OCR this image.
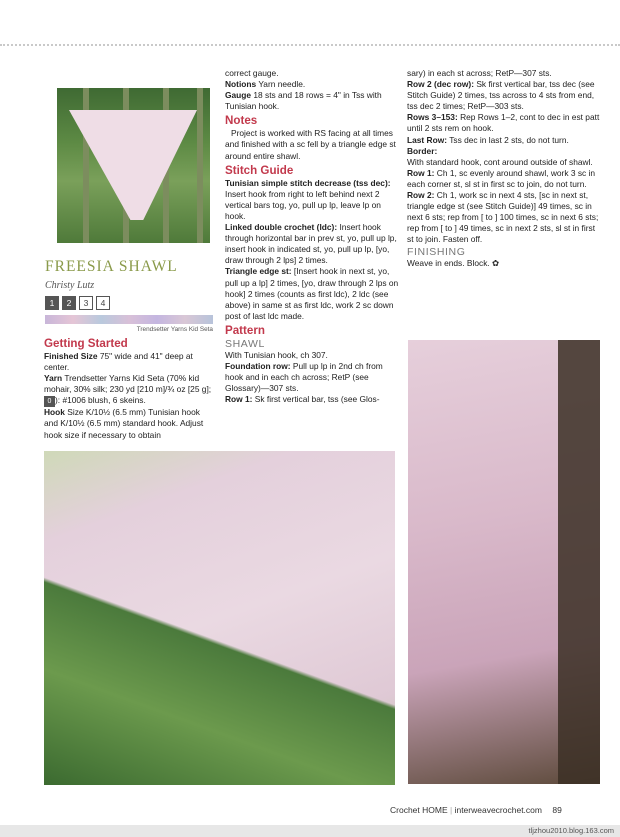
FREESIA SHAWL
Christy Lutz
1	2	3	4
Trendsetter Yarns Kid Seta
Getting Started

Finished Size 75" wide and 41" deep at center.

Yarn Trendsetter Yarns Kid Seta (70% kid mohair, 30% silk; 230 yd [210 m]/¾ oz [25 g]; 0 ): #1006 blush, 6 skeins.

Hook Size K/10½ (6.5 mm) Tunisian hook and K/10½ (6.5 mm) standard hook. Adjust hook size if necessary to obtain

correct gauge.

Notions Yarn needle.

Gauge 18 sts and 18 rows = 4" in Tss with Tunisian hook.

Notes

Project is worked with RS facing at all times and finished with a sc fell by a triangle edge st around entire shawl.

Stitch Guide

Tunisian simple stitch decrease (tss dec): Insert hook from right to left behind next 2 vertical bars tog, yo, pull up lp, leave lp on hook.

Linked double crochet (ldc): Insert hook through horizontal bar in prev st, yo, pull up lp, insert hook in indicated st, yo, pull up lp, [yo, draw through 2 lps] 2 times.

Triangle edge st: [Insert hook in next st, yo, pull up a lp] 2 times, [yo, draw through 2 lps on hook] 2 times (counts as first ldc), 2 ldc (see above) in same st as first ldc, work 2 sc down post of last ldc made.

Pattern
SHAWL

With Tunisian hook, ch 307.

Foundation row: Pull up lp in 2nd ch from hook and in each ch across; RetP (see Glossary)—307 sts.

Row 1: Sk first vertical bar, tss (see Glos-

sary) in each st across; RetP—307 sts.

Row 2 (dec row): Sk first vertical bar, tss dec (see Stitch Guide) 2 times, tss across to 4 sts from end, tss dec 2 times; RetP—303 sts.

Rows 3–153: Rep Rows 1–2, cont to dec in est patt until 2 sts rem on hook.

Last Row: Tss dec in last 2 sts, do not turn.

Border:

With standard hook, cont around outside of shawl.

Row 1: Ch 1, sc evenly around shawl, work 3 sc in each corner st, sl st in first sc to join, do not turn.

Row 2: Ch 1, work sc in next 4 sts, [sc in next st, triangle edge st (see Stitch Guide)] 49 times, sc in next 6 sts; rep from [ to ] 100 times, sc in next 6 sts; rep from [ to ] 49 times, sc in next 2 sts, sl st in first st to join. Fasten off.

FINISHING

Weave in ends. Block. ✿

Crochet HOME | interweavecrochet.com 89
tljzhou2010.blog.163.com
